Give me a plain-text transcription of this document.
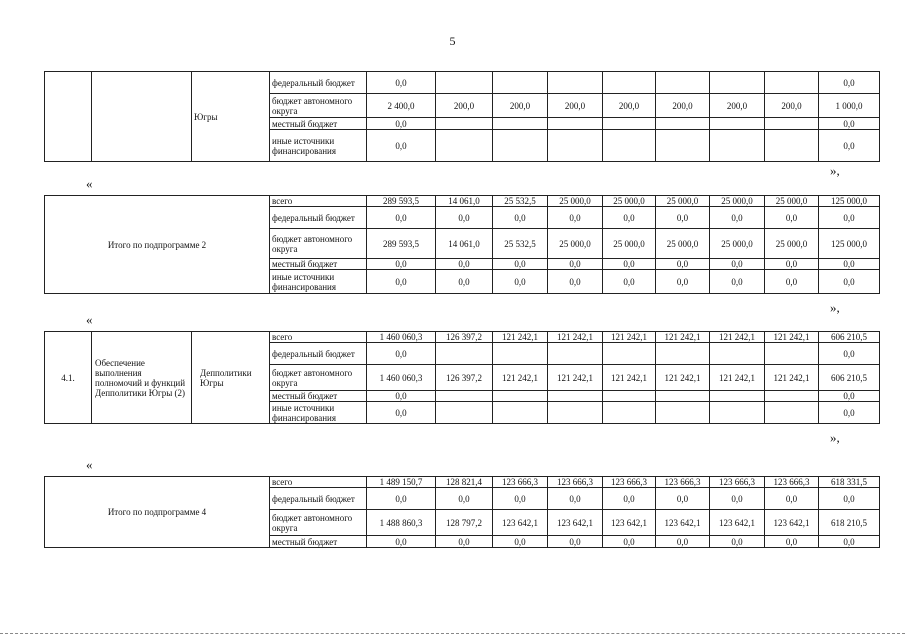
5
		Югры	федеральный бюджет	0,0								0,0
			бюджет автономного округа	2 400,0	200,0	200,0	200,0	200,0	200,0	200,0	200,0	1 000,0
			местный бюджет	0,0								0,0
			иные источники финансирования	0,0								0,0
»,
«
Итого по подпрограмме 2	всего	289 593,5	14 061,0	25 532,5	25 000,0	25 000,0	25 000,0	25 000,0	25 000,0	125 000,0
	федеральный бюджет	0,0	0,0	0,0	0,0	0,0	0,0	0,0	0,0	0,0
	бюджет автономного округа	289 593,5	14 061,0	25 532,5	25 000,0	25 000,0	25 000,0	25 000,0	25 000,0	125 000,0
	местный бюджет	0,0	0,0	0,0	0,0	0,0	0,0	0,0	0,0	0,0
	иные источники финансирования	0,0	0,0	0,0	0,0	0,0	0,0	0,0	0,0	0,0
»,
«
4.1.	Обеспечение выполнения полномочий и функций Депполитики Югры (2)	Депполитики Югры	всего	1 460 060,3	126 397,2	121 242,1	121 242,1	121 242,1	121 242,1	121 242,1	121 242,1	606 210,5
			федеральный бюджет	0,0								0,0
			бюджет автономного округа	1 460 060,3	126 397,2	121 242,1	121 242,1	121 242,1	121 242,1	121 242,1	121 242,1	606 210,5
			местный бюджет	0,0								0,0
			иные источники финансирования	0,0								0,0
»,
«
Итого по подпрограмме 4	всего	1 489 150,7	128 821,4	123 666,3	123 666,3	123 666,3	123 666,3	123 666,3	123 666,3	618 331,5
	федеральный бюджет	0,0	0,0	0,0	0,0	0,0	0,0	0,0	0,0	0,0
	бюджет автономного округа	1 488 860,3	128 797,2	123 642,1	123 642,1	123 642,1	123 642,1	123 642,1	123 642,1	618 210,5
	местный бюджет	0,0	0,0	0,0	0,0	0,0	0,0	0,0	0,0	0,0
